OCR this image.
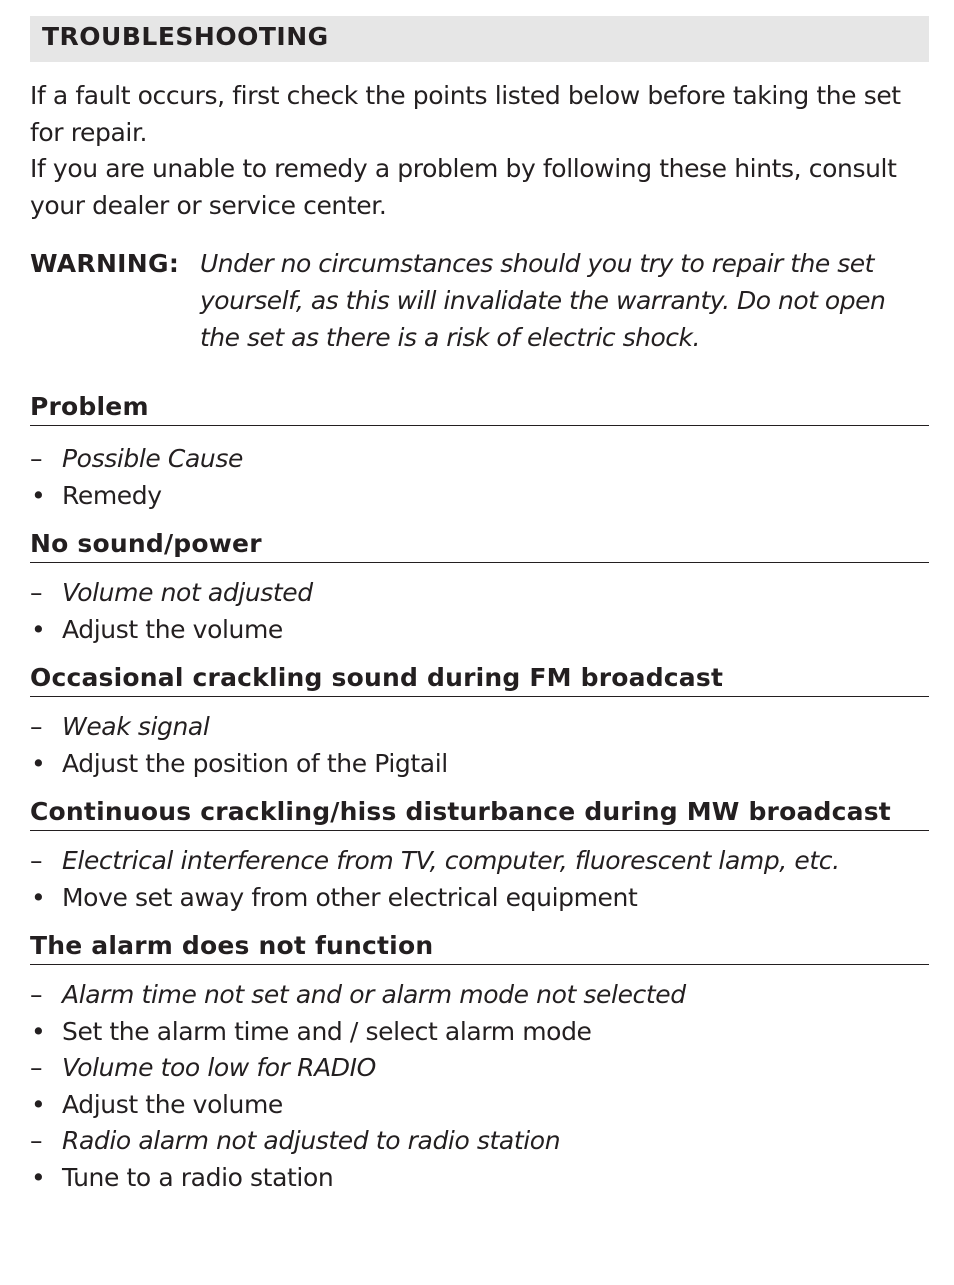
TROUBLESHOOTING

If a fault occurs, first check the points listed below before taking the set for repair.

If you are unable to remedy a problem by following these hints, consult your dealer or service center.

WARNING: Under no circumstances should you try to repair the set yourself, as this will invalidate the warranty. Do not open the set as there is a risk of electric shock.
Problem
– Possible Cause
• Remedy
No sound/power
– Volume not adjusted
• Adjust the volume
Occasional crackling sound during FM broadcast
– Weak signal
• Adjust the position of the Pigtail
Continuous crackling/hiss disturbance during MW broadcast
– Electrical interference from TV, computer, fluorescent lamp, etc.
• Move set away from other electrical equipment
The alarm does not function
– Alarm time not set and or alarm mode not selected
• Set the alarm time and / select alarm mode
– Volume too low for RADIO
• Adjust the volume
– Radio alarm not adjusted to radio station
• Tune to a radio station
